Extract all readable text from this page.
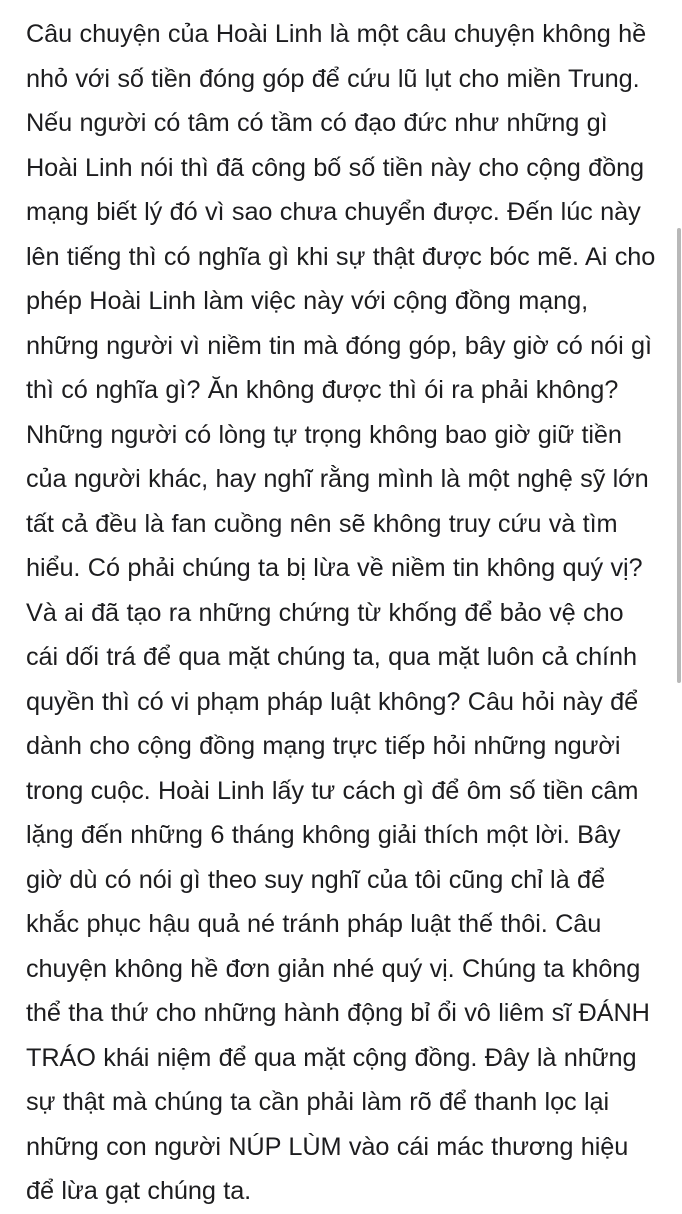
Câu chuyện của Hoài Linh là một câu chuyện không hề nhỏ với số tiền đóng góp để cứu lũ lụt cho miền Trung. Nếu người có tâm có tầm có đạo đức như những gì Hoài Linh nói thì đã công bố số tiền này cho cộng đồng mạng biết lý đó vì sao chưa chuyển được. Đến lúc này lên tiếng thì có nghĩa gì khi sự thật được bóc mẽ. Ai cho phép Hoài Linh làm việc này với cộng đồng mạng, những người vì niềm tin mà đóng góp, bây giờ có nói gì thì có nghĩa gì? Ăn không được thì ói ra phải không? Những người có lòng tự trọng không bao giờ giữ tiền của người khác, hay nghĩ rằng mình là một nghệ sỹ lớn tất cả đều là fan cuồng nên sẽ không truy cứu và tìm hiểu. Có phải chúng ta bị lừa về niềm tin không quý vị? Và ai đã tạo ra những chứng từ khống để bảo vệ cho cái dối trá để qua mặt chúng ta, qua mặt luôn cả chính quyền thì có vi phạm pháp luật không? Câu hỏi này để dành cho cộng đồng mạng trực tiếp hỏi những người trong cuộc. Hoài Linh lấy tư cách gì để ôm số tiền câm lặng đến những 6 tháng không giải thích một lời. Bây giờ dù có nói gì theo suy nghĩ của tôi cũng chỉ là để khắc phục hậu quả né tránh pháp luật thế thôi. Câu chuyện không hề đơn giản nhé quý vị. Chúng ta không thể tha thứ cho những hành động bỉ ổi vô liêm sĩ ĐÁNH TRÁO khái niệm để qua mặt cộng đồng. Đây là những sự thật mà chúng ta cần phải làm rõ để thanh lọc lại những con người NÚP LÙM vào cái mác thương hiệu để lừa gạt chúng ta.
